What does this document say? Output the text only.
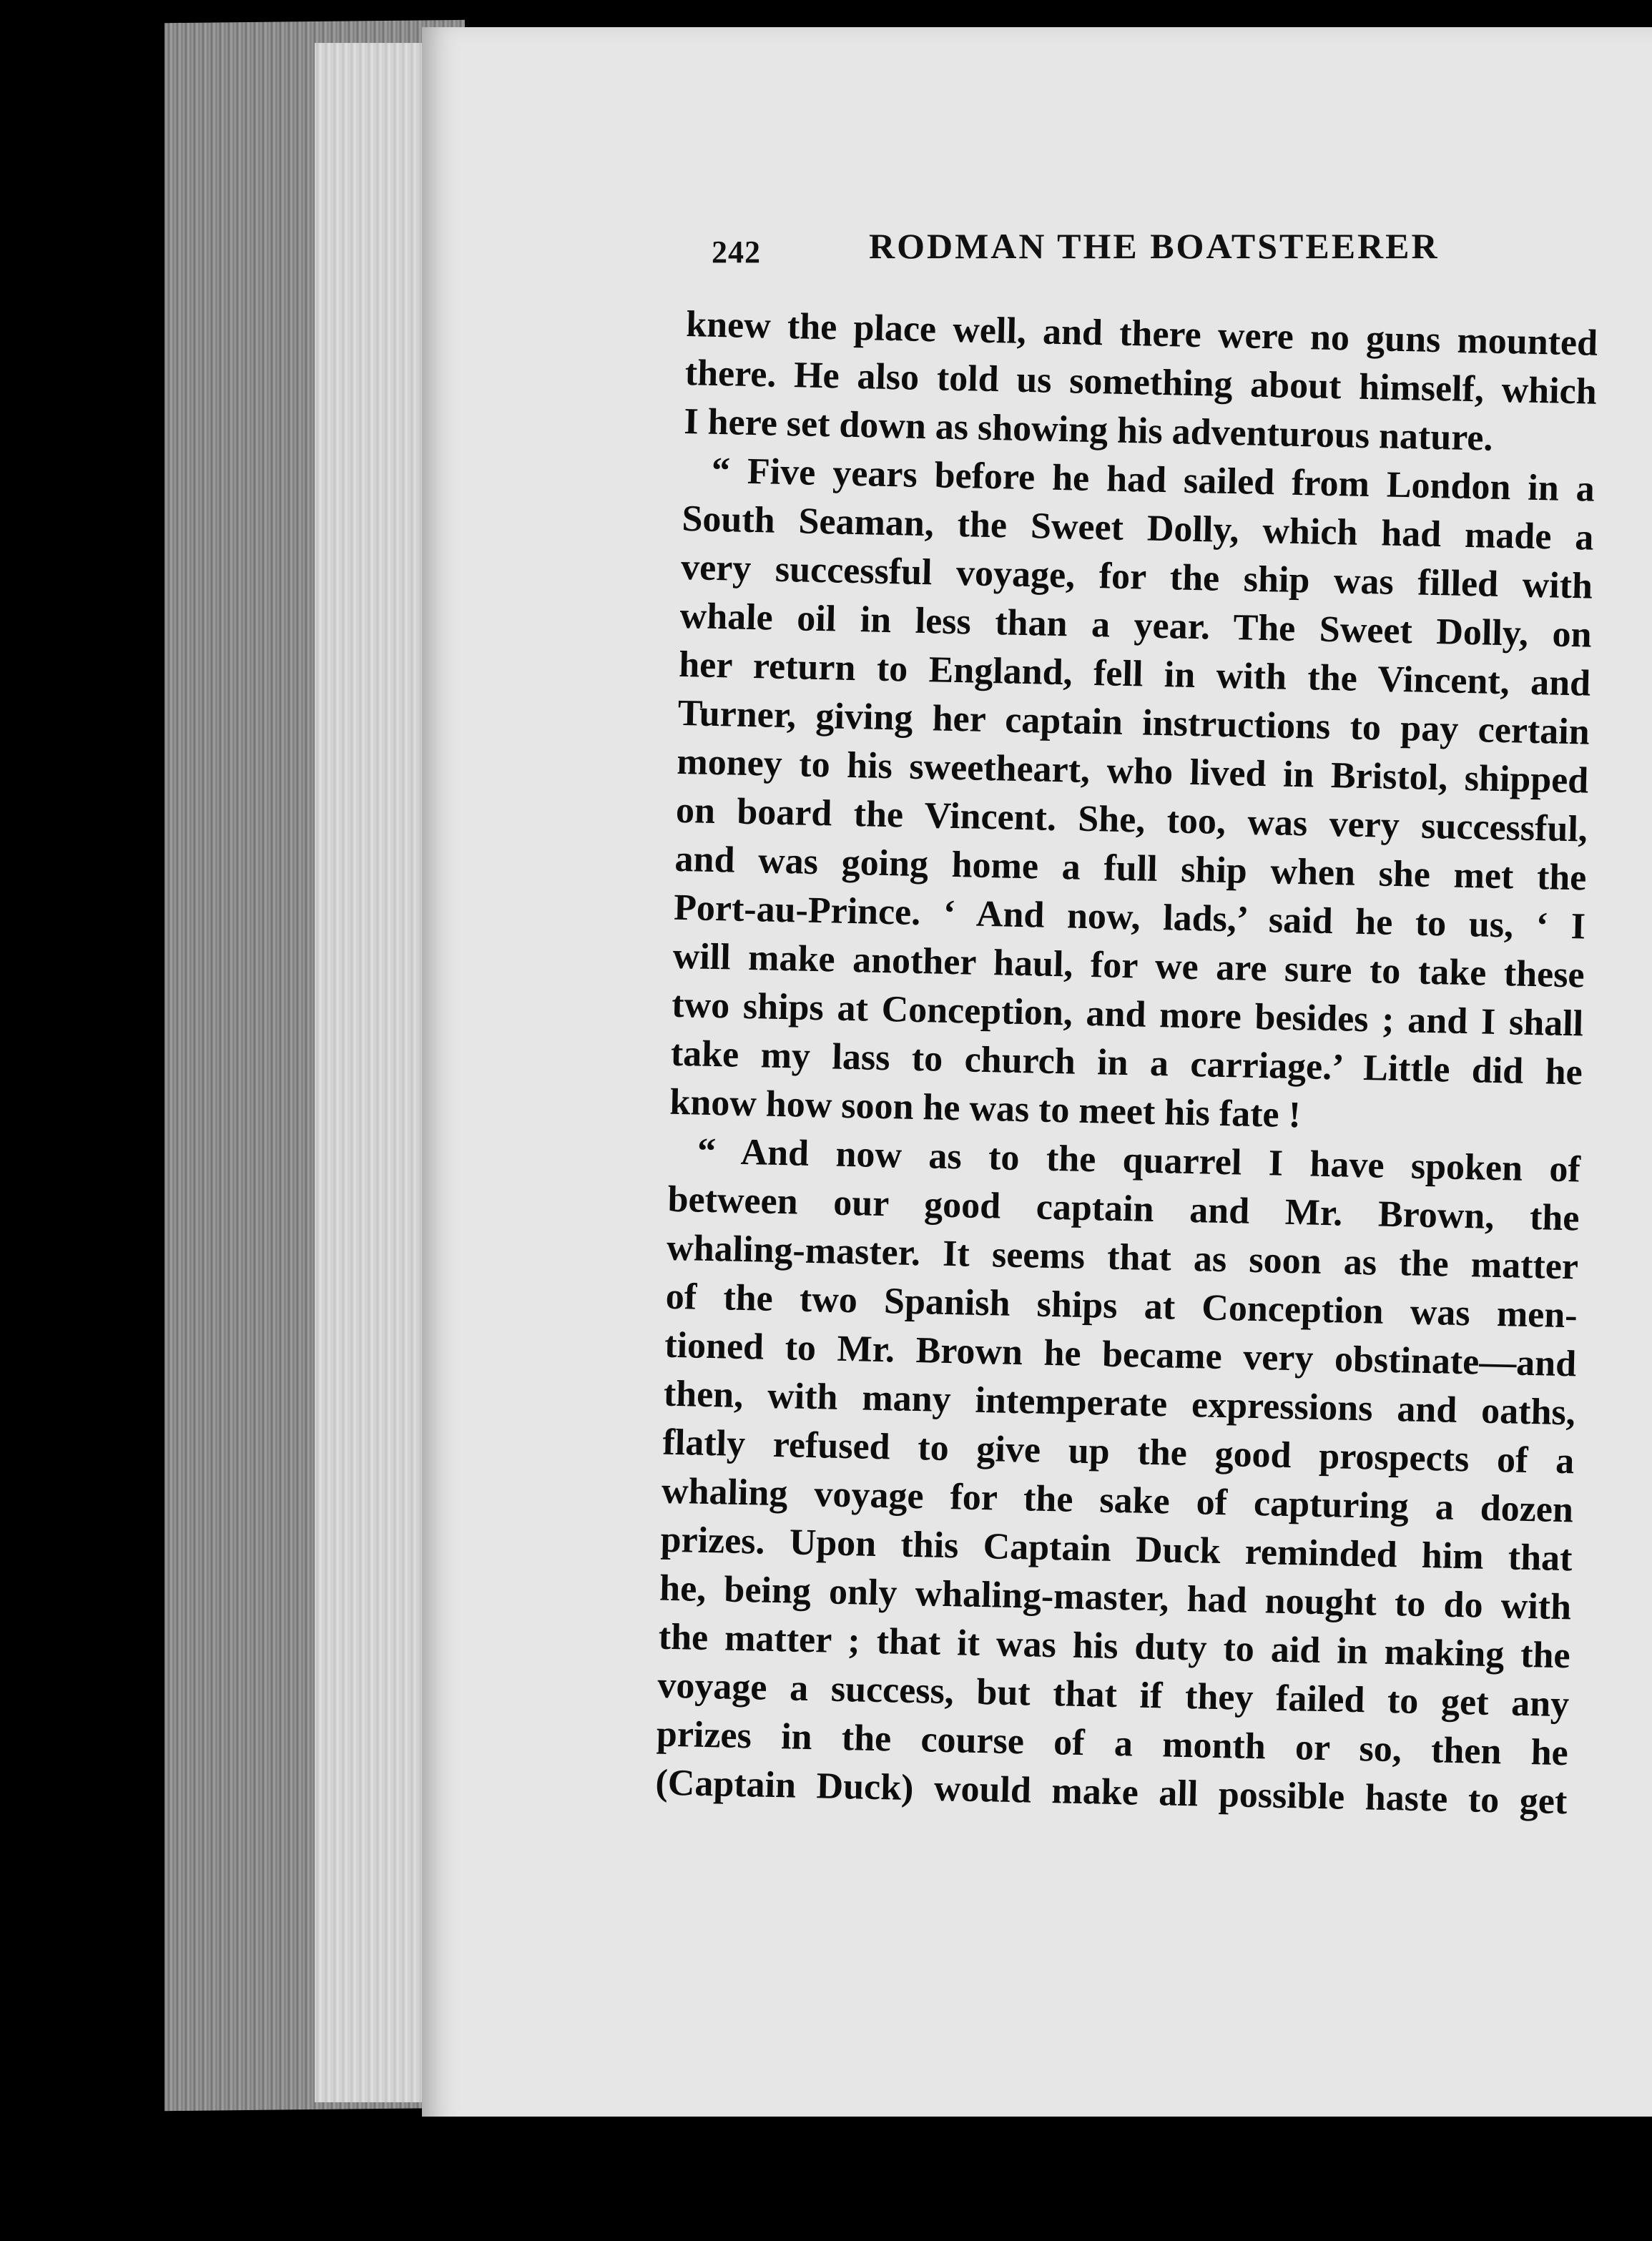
242	RODMAN THE BOATSTEERER
knew the place well, and there were no guns mounted
there. He also told us something about himself, which
I here set down as showing his adventurous nature.
“ Five years before he had sailed from London in a
South Seaman, the Sweet Dolly, which had made a
very successful voyage, for the ship was filled with
whale oil in less than a year. The Sweet Dolly, on
her return to England, fell in with the Vincent, and
Turner, giving her captain instructions to pay certain
money to his sweetheart, who lived in Bristol, shipped
on board the Vincent. She, too, was very successful,
and was going home a full ship when she met the
Port-au-Prince. ‘ And now, lads,’ said he to us, ‘ I
will make another haul, for we are sure to take these
two ships at Conception, and more besides ; and I shall
take my lass to church in a carriage.’ Little did he
know how soon he was to meet his fate !
“ And now as to the quarrel I have spoken of
between our good captain and Mr. Brown, the
whaling-master. It seems that as soon as the matter
of the two Spanish ships at Conception was men-
tioned to Mr. Brown he became very obstinate—and
then, with many intemperate expressions and oaths,
flatly refused to give up the good prospects of a
whaling voyage for the sake of capturing a dozen
prizes. Upon this Captain Duck reminded him that
he, being only whaling-master, had nought to do with
the matter ; that it was his duty to aid in making the
voyage a success, but that if they failed to get any
prizes in the course of a month or so, then he
(Captain Duck) would make all possible haste to get
